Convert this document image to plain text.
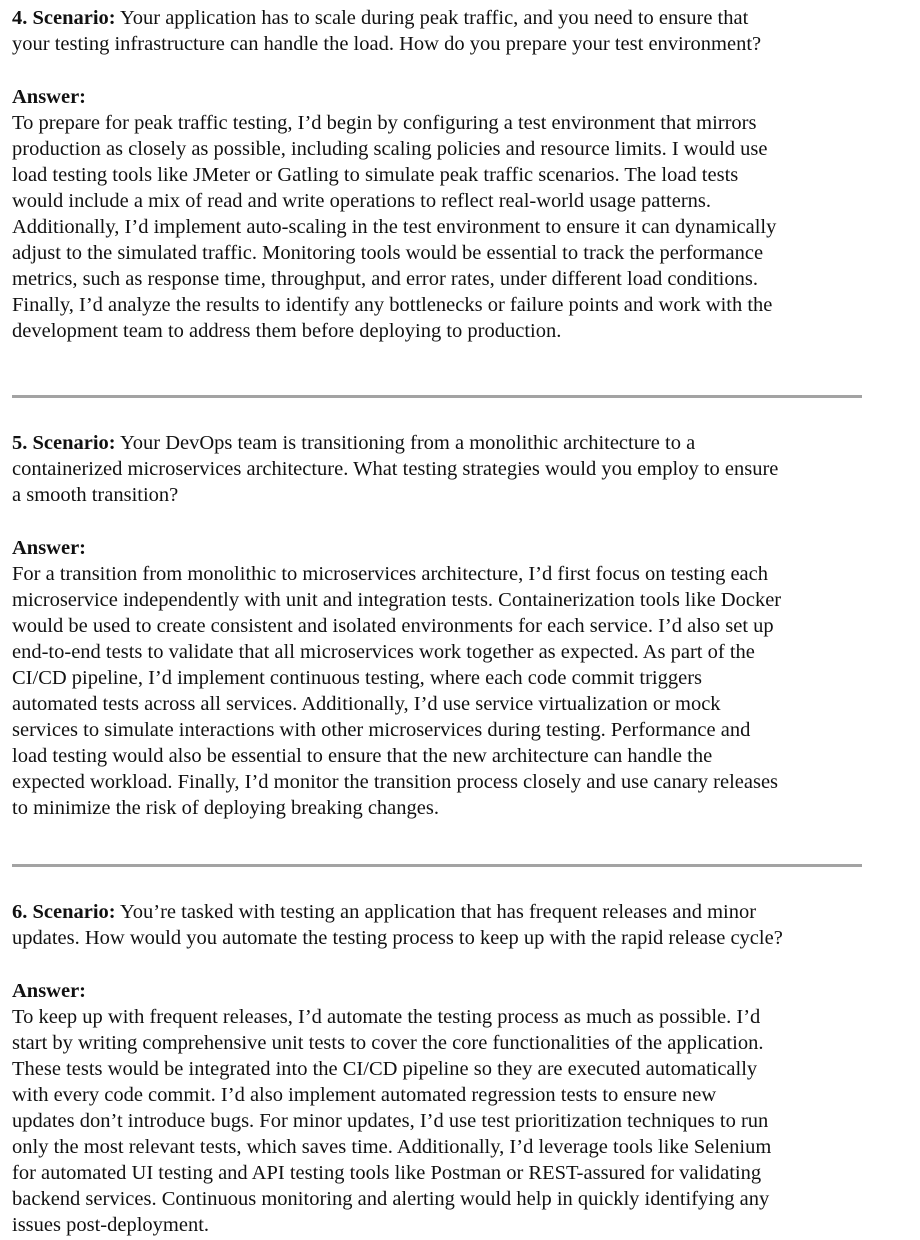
4. Scenario: Your application has to scale during peak traffic, and you need to ensure that
your testing infrastructure can handle the load. How do you prepare your test environment?
Answer:
To prepare for peak traffic testing, I’d begin by configuring a test environment that mirrors
production as closely as possible, including scaling policies and resource limits. I would use
load testing tools like JMeter or Gatling to simulate peak traffic scenarios. The load tests
would include a mix of read and write operations to reflect real-world usage patterns.
Additionally, I’d implement auto-scaling in the test environment to ensure it can dynamically
adjust to the simulated traffic. Monitoring tools would be essential to track the performance
metrics, such as response time, throughput, and error rates, under different load conditions.
Finally, I’d analyze the results to identify any bottlenecks or failure points and work with the
development team to address them before deploying to production.
5. Scenario: Your DevOps team is transitioning from a monolithic architecture to a
containerized microservices architecture. What testing strategies would you employ to ensure
a smooth transition?
Answer:
For a transition from monolithic to microservices architecture, I’d first focus on testing each
microservice independently with unit and integration tests. Containerization tools like Docker
would be used to create consistent and isolated environments for each service. I’d also set up
end-to-end tests to validate that all microservices work together as expected. As part of the
CI/CD pipeline, I’d implement continuous testing, where each code commit triggers
automated tests across all services. Additionally, I’d use service virtualization or mock
services to simulate interactions with other microservices during testing. Performance and
load testing would also be essential to ensure that the new architecture can handle the
expected workload. Finally, I’d monitor the transition process closely and use canary releases
to minimize the risk of deploying breaking changes.
6. Scenario: You’re tasked with testing an application that has frequent releases and minor
updates. How would you automate the testing process to keep up with the rapid release cycle?
Answer:
To keep up with frequent releases, I’d automate the testing process as much as possible. I’d
start by writing comprehensive unit tests to cover the core functionalities of the application.
These tests would be integrated into the CI/CD pipeline so they are executed automatically
with every code commit. I’d also implement automated regression tests to ensure new
updates don’t introduce bugs. For minor updates, I’d use test prioritization techniques to run
only the most relevant tests, which saves time. Additionally, I’d leverage tools like Selenium
for automated UI testing and API testing tools like Postman or REST-assured for validating
backend services. Continuous monitoring and alerting would help in quickly identifying any
issues post-deployment.
